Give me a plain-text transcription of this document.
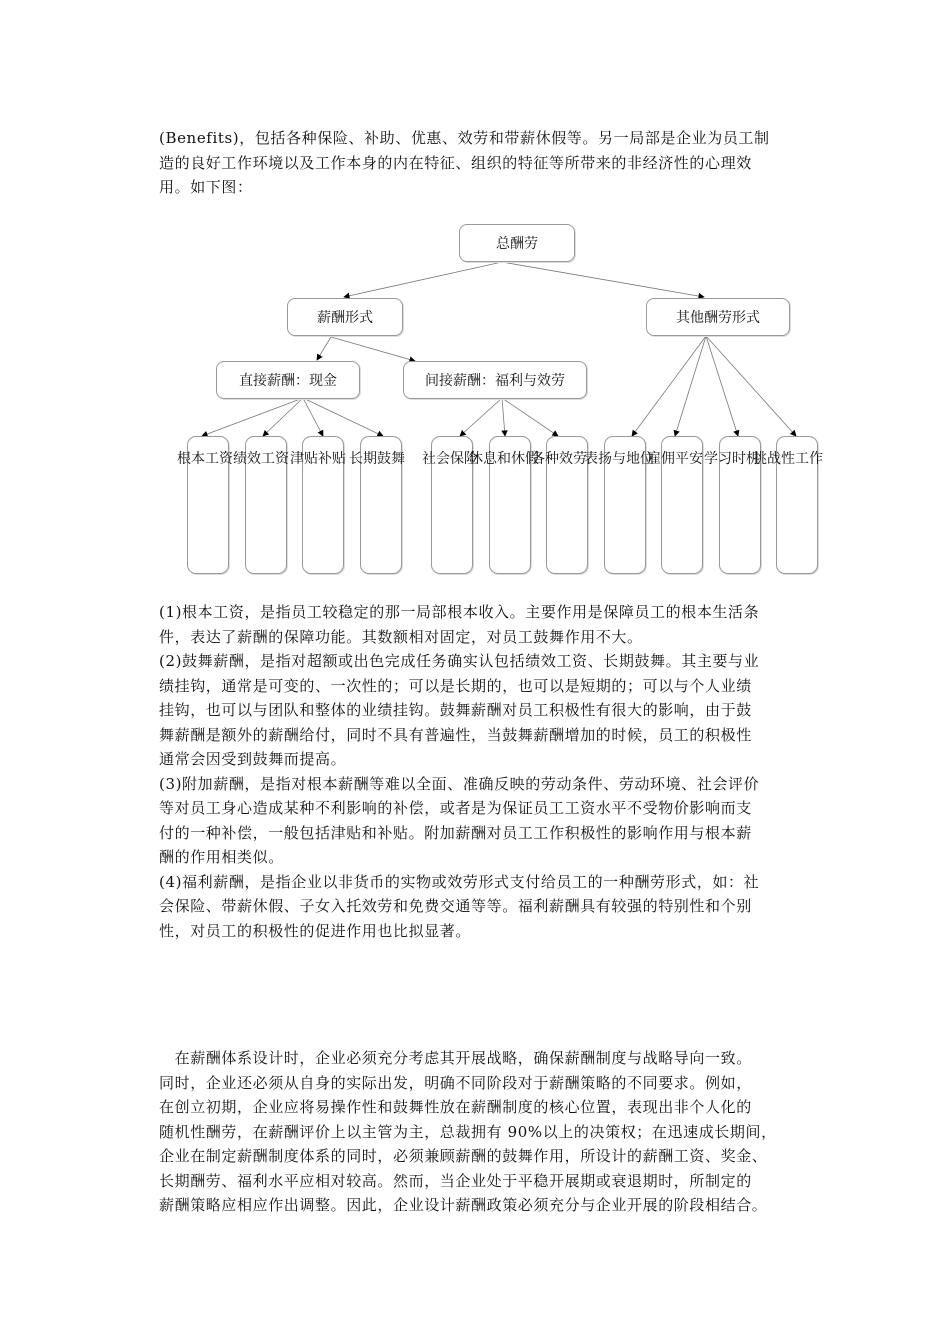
(Benefits)，包括各种保险、补助、优惠、效劳和带薪休假等。另一局部是企业为员工制
造的良好工作环境以及工作本身的内在特征、组织的特征等所带来的非经济性的心理效
用。如下图：

总酬劳
薪酬形式	其他酬劳形式
直接薪酬：现金	间接薪酬：福利与效劳
根本工资 绩效工资 津贴补贴 长期鼓舞 社会保险
休息和休假
各种效劳
表扬与地位
雇佣平安 学习时机
挑战性工作

(1)根本工资，是指员工较稳定的那一局部根本收入。主要作用是保障员工的根本生活条
件，表达了薪酬的保障功能。其数额相对固定，对员工鼓舞作用不大。
(2)鼓舞薪酬，是指对超额或出色完成任务确实认包括绩效工资、长期鼓舞。其主要与业
绩挂钩，通常是可变的、一次性的；可以是长期的，也可以是短期的；可以与个人业绩
挂钩，也可以与团队和整体的业绩挂钩。鼓舞薪酬对员工积极性有很大的影响，由于鼓
舞薪酬是额外的薪酬给付，同时不具有普遍性，当鼓舞薪酬增加的时候，员工的积极性
通常会因受到鼓舞而提高。
(3)附加薪酬，是指对根本薪酬等难以全面、准确反映的劳动条件、劳动环境、社会评价
等对员工身心造成某种不利影响的补偿，或者是为保证员工工资水平不受物价影响而支
付的一种补偿，一般包括津贴和补贴。附加薪酬对员工工作积极性的影响作用与根本薪
酬的作用相类似。
(4)福利薪酬，是指企业以非货币的实物或效劳形式支付给员工的一种酬劳形式，如：社
会保险、带薪休假、子女入托效劳和免费交通等等。福利薪酬具有较强的特别性和个别
性，对员工的积极性的促进作用也比拟显著。

　在薪酬体系设计时，企业必须充分考虑其开展战略，确保薪酬制度与战略导向一致。
同时，企业还必须从自身的实际出发，明确不同阶段对于薪酬策略的不同要求。例如，
在创立初期，企业应将易操作性和鼓舞性放在薪酬制度的核心位置，表现出非个人化的
随机性酬劳，在薪酬评价上以主管为主，总裁拥有 90%以上的决策权；在迅速成长期间，
企业在制定薪酬制度体系的同时，必须兼顾薪酬的鼓舞作用，所设计的薪酬工资、奖金、
长期酬劳、福利水平应相对较高。然而，当企业处于平稳开展期或衰退期时，所制定的
薪酬策略应相应作出调整。因此，企业设计薪酬政策必须充分与企业开展的阶段相结合。
